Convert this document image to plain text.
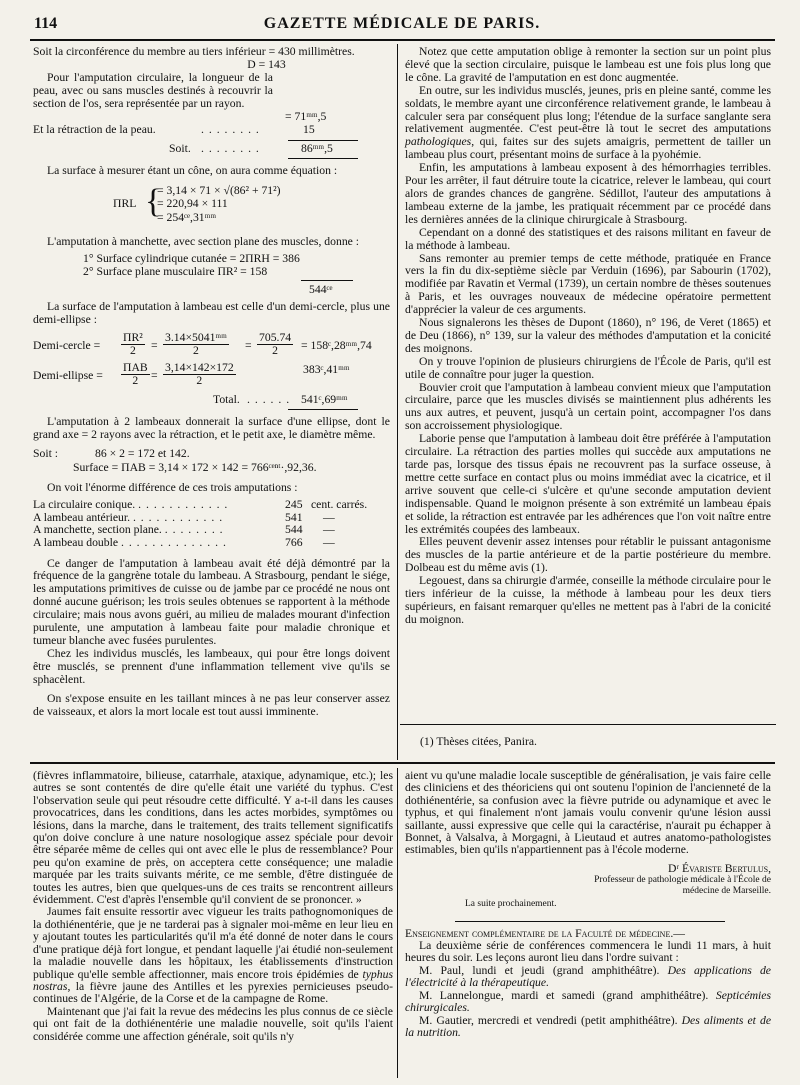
114	GAZETTE MÉDICALE DE PARIS.

Soit la circonférence du membre au tiers inférieur = 430 millimètres.

D = 143

Pour l'amputation circulaire, la longueur de la peau, avec ou sans muscles destinés à recouvrir la section de l'os, sera représentée par un rayon.

= 71ᵐᵐ,5
Et la rétraction de la peau.	. . . . . . . .	15
Soit. . . . . . . . .	86ᵐᵐ,5

La surface à mesurer étant un cône, on aura comme équation :

ΠRL {
= 3,14 × 71 × √(86² + 71²)
= 220,94 × 111
= 254ᶜᵉ,31ᵐᵐ

L'amputation à manchette, avec section plane des muscles, donne :

1° Surface cylindrique cutanée = 2ΠRH = 386
2° Surface plane musculaire ΠR² = 158
544ᶜᵉ

La surface de l'amputation à lambeau est celle d'un demi-cercle, plus une demi-ellipse :

Demi-cercle = $\frac{\text{ΠR²}}{2} = \frac{\text{3.14×5041ᵐᵐ}}{2} = \frac{705.74}{2}$ = 158ᶜ,28ᵐᵐ,74
Demi-ellipse =
ΠAB
2	= $\frac{3,14\times 142\times 172}{2}$	383ᶜ,41ᵐᵐ
Total. . . . . . . 541ᶜ,69ᵐᵐ

L'amputation à 2 lambeaux donnerait la surface d'une ellipse, dont le grand axe = 2 rayons avec la rétraction, et le petit axe, le diamètre même.

Soit :	86 × 2 = 172 et 142.
Surface = ΠAB = 3,14 × 172 × 142 = 766ᶜᵉⁿᵗ·,92,36.

On voit l'énorme différence de ces trois amputations :

La circulaire conique. . . . . . . . . . . . .	245	cent. carrés.
A lambeau antérieur. . . . . . . . . . . . .	541	—
A manchette, section plane. . . . . . . . .	544	—
A lambeau double . . . . . . . . . . . . . .	766	—

Ce danger de l'amputation à lambeau avait été déjà démontré par la fréquence de la gangrène totale du lambeau. A Strasbourg, pendant le siége, les amputations primitives de cuisse ou de jambe par ce procédé ne nous ont donné aucune guérison; les trois seules obtenues se rapportent à la méthode circulaire; mais nous avons guéri, au milieu de malades mourant d'infection purulente, une amputation à lambeau faite pour maladie chronique et tumeur blanche avec fusées purulentes.

Chez les individus musclés, les lambeaux, qui pour être longs doivent être musclés, se prennent d'une inflammation tellement vive qu'ils se sphacèlent.

On s'expose ensuite en les taillant minces à ne pas leur conserver assez de vaisseaux, et alors la mort locale est tout aussi imminente.

Notez que cette amputation oblige à remonter la section sur un point plus élevé que la section circulaire, puisque le lambeau est une fois plus long que le cône. La gravité de l'amputation en est donc augmentée.

En outre, sur les individus musclés, jeunes, pris en pleine santé, comme les soldats, le membre ayant une circonférence relativement grande, le lambeau à calculer sera par conséquent plus long; l'étendue de la surface sanglante sera relativement augmentée. C'est peut-être là tout le secret des amputations pathologiques, qui, faites sur des sujets amaigris, permettent de tailler un lambeau plus court, présentant moins de surface à la pyohémie.

Enfin, les amputations à lambeau exposent à des hémorrhagies terribles. Pour les arrêter, il faut détruire toute la cicatrice, relever le lambeau, qui court alors de grandes chances de gangrène. Sédillot, l'auteur des amputations à lambeau externe de la jambe, les pratiquait récemment par ce procédé dans les dernières années de la clinique chirurgicale à Strasbourg.

Cependant on a donné des statistiques et des raisons militant en faveur de la méthode à lambeau.

Sans remonter au premier temps de cette méthode, pratiquée en France vers la fin du dix-septième siècle par Verduin (1696), par Sabourin (1702), modifiée par Ravatin et Vermal (1739), un certain nombre de thèses soutenues à Paris, et les ouvrages nouveaux de médecine opératoire permettent d'apprécier la valeur de ces arguments.

Nous signalerons les thèses de Dupont (1860), n° 196, de Veret (1865) et de Deu (1866), n° 139, sur la valeur des méthodes d'amputation et la conicité des moignons.

On y trouve l'opinion de plusieurs chirurgiens de l'École de Paris, qu'il est utile de connaître pour juger la question.

Bouvier croit que l'amputation à lambeau convient mieux que l'amputation circulaire, parce que les muscles divisés se maintiennent plus adhérents les uns aux autres, et peuvent, jusqu'à un certain point, accompagner l'os dans son accroissement physiologique.

Laborie pense que l'amputation à lambeau doit être préférée à l'amputation circulaire. La rétraction des parties molles qui succède aux amputations ne tarde pas, lorsque des tissus épais ne recouvrent pas la surface osseuse, à mettre cette surface en contact plus ou moins immédiat avec la cicatrice, et il arrive souvent que celle-ci s'ulcère et qu'une seconde amputation devient indispensable. Quand le moignon présente à son extrémité un lambeau épais et solide, la rétraction est entravée par les adhérences que l'on voit naître entre les extrémités coupées des lambeaux.

Elles peuvent devenir assez intenses pour rétablir le puissant antagonisme des muscles de la partie antérieure et de la partie postérieure du membre. Dolbeau est du même avis (1).

Legouest, dans sa chirurgie d'armée, conseille la méthode circulaire pour le tiers inférieur de la cuisse, la méthode à lambeau pour les deux tiers supérieurs, en faisant remarquer qu'elles ne mettent pas à l'abri de la conicité du moignon.

(1) Thèses citées, Panira.

(fièvres inflammatoire, bilieuse, catarrhale, ataxique, adynamique, etc.); les autres se sont contentés de dire qu'elle était une variété du typhus. C'est l'observation seule qui peut résoudre cette difficulté. Y a-t-il dans les causes provocatrices, dans les conditions, dans les actes morbides, symptômes ou lésions, dans la marche, dans le traitement, des traits tellement significatifs qu'on doive conclure à une nature nosologique assez spéciale pour devoir être séparée même de celles qui ont avec elle le plus de ressemblance? Pour peu qu'on examine de près, on acceptera cette conséquence; une maladie marquée par les traits suivants mérite, ce me semble, d'être distinguée de toutes les autres, bien que quelques-uns de ces traits se rencontrent ailleurs évidemment. C'est d'après l'ensemble qu'il convient de se prononcer. »

Jaumes fait ensuite ressortir avec vigueur les traits pathognomoniques de la dothiénentérie, que je ne tarderai pas à signaler moi-même en leur lieu en y ajoutant toutes les particularités qu'il m'a été donné de noter dans le cours d'une pratique déjà fort longue, et pendant laquelle j'ai étudié non-seulement la maladie nouvelle dans les hôpitaux, les établissements d'instruction publique qu'elle semble affectionner, mais encore trois épidémies de typhus nostras, la fièvre jaune des Antilles et les pyrexies pernicieuses pseudo-continues de l'Algérie, de la Corse et de la campagne de Rome.

Maintenant que j'ai fait la revue des médecins les plus connus de ce siècle qui ont fait de la dothiénentérie une maladie nouvelle, soit qu'ils l'aient considérée comme une affection générale, soit qu'ils n'y

aient vu qu'une maladie locale susceptible de généralisation, je vais faire celle des cliniciens et des théoriciens qui ont soutenu l'opinion de l'ancienneté de la dothiénentérie, sa confusion avec la fièvre putride ou adynamique et avec le typhus, et qui finalement n'ont jamais voulu convenir qu'une lésion aussi saillante, aussi expressive que celle qui la caractérise, n'aurait pu échapper à Bonnet, à Valsalva, à Morgagni, à Lieutaud et autres anatomo-pathologistes estimables, bien qu'ils n'appartiennent pas à l'école moderne.

Dʳ Évariste Bertulus,
Professeur de pathologie médicale à l'École de médecine de Marseille.
La suite prochainement.

Enseignement complémentaire de la Faculté de médecine.—

La deuxième série de conférences commencera le lundi 11 mars, à huit heures du soir. Les leçons auront lieu dans l'ordre suivant :

M. Paul, lundi et jeudi (grand amphithéâtre). Des applications de l'électricité à la thérapeutique.

M. Lannelongue, mardi et samedi (grand amphithéâtre). Septicémies chirurgicales.

M. Gautier, mercredi et vendredi (petit amphithéâtre). Des aliments et de la nutrition.
